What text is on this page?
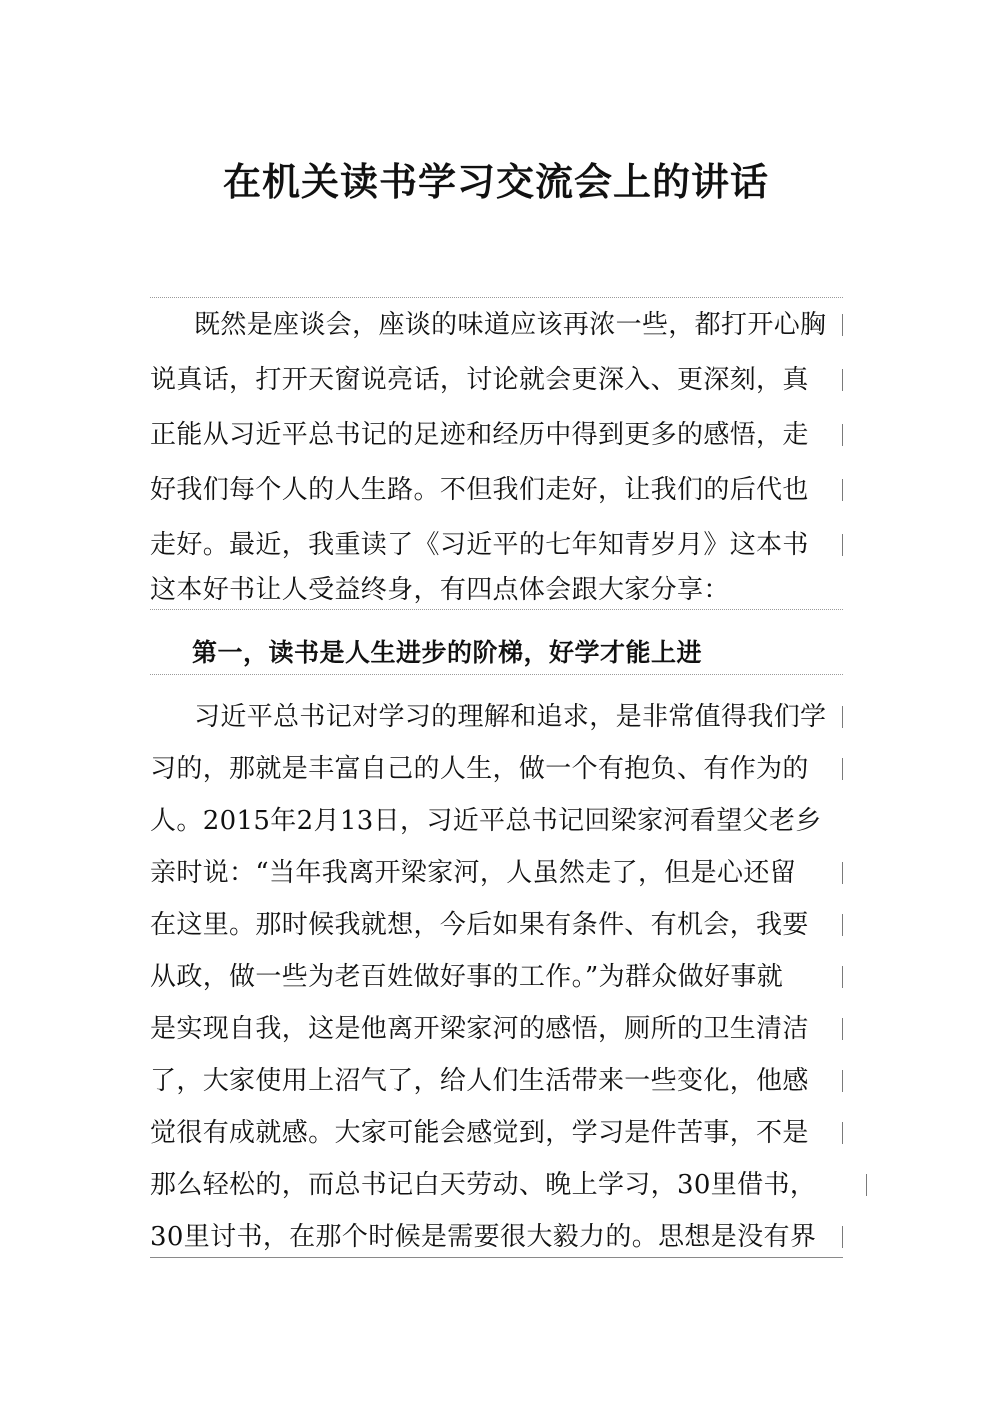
在机关读书学习交流会上的讲话
既然是座谈会，座谈的味道应该再浓一些，都打开心胸
说真话，打开天窗说亮话，讨论就会更深入、更深刻，真
正能从习近平总书记的足迹和经历中得到更多的感悟，走
好我们每个人的人生路。不但我们走好，让我们的后代也
走好。最近，我重读了《习近平的七年知青岁月》这本书
这本好书让人受益终身，有四点体会跟大家分享：
第一，读书是人生进步的阶梯，好学才能上进
习近平总书记对学习的理解和追求，是非常值得我们学
习的，那就是丰富自己的人生，做一个有抱负、有作为的
人。2015年2月13日，习近平总书记回梁家河看望父老乡
亲时说：“当年我离开梁家河，人虽然走了，但是心还留
在这里。那时候我就想，今后如果有条件、有机会，我要
从政，做一些为老百姓做好事的工作。”为群众做好事就
是实现自我，这是他离开梁家河的感悟，厕所的卫生清洁
了，大家使用上沼气了，给人们生活带来一些变化，他感
觉很有成就感。大家可能会感觉到，学习是件苦事，不是
那么轻松的，而总书记白天劳动、晚上学习，30里借书，
30里讨书，在那个时候是需要很大毅力的。思想是没有界
